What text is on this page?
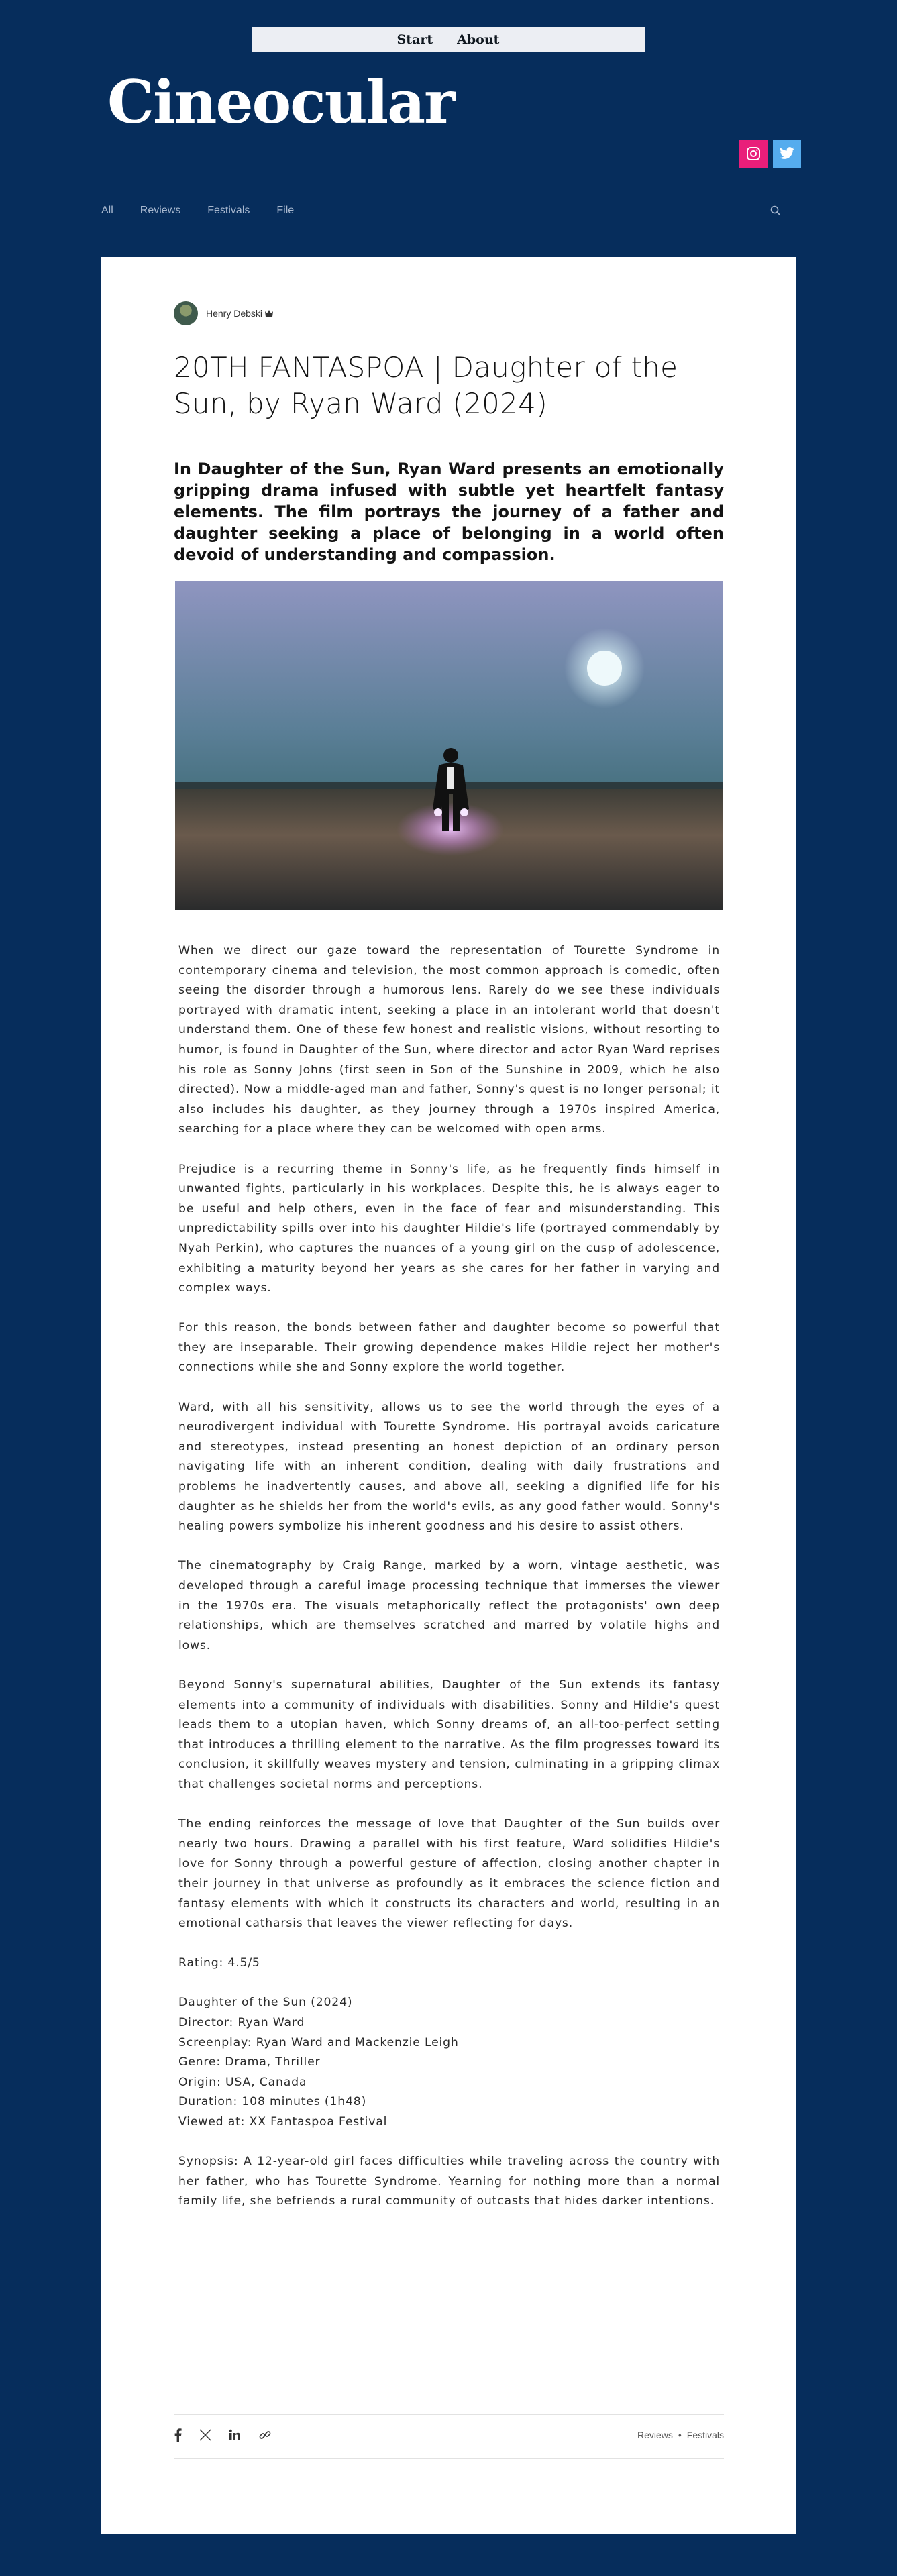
Start About
Cineocular
All	Reviews	Festivals	File
Henry Debski
20TH FANTASPOA | Daughter of the Sun, by Ryan Ward (2024)
In Daughter of the Sun, Ryan Ward presents an emotionally gripping drama infused with subtle yet heartfelt fantasy elements. The film portrays the journey of a father and daughter seeking a place of belonging in a world often devoid of understanding and compassion.

When we direct our gaze toward the representation of Tourette Syndrome in contemporary cinema and television, the most common approach is comedic, often seeing the disorder through a humorous lens. Rarely do we see these individuals portrayed with dramatic intent, seeking a place in an intolerant world that doesn't understand them. One of these few honest and realistic visions, without resorting to humor, is found in Daughter of the Sun, where director and actor Ryan Ward reprises his role as Sonny Johns (first seen in Son of the Sunshine in 2009, which he also directed). Now a middle-aged man and father, Sonny's quest is no longer personal; it also includes his daughter, as they journey through a 1970s inspired America, searching for a place where they can be welcomed with open arms.

Prejudice is a recurring theme in Sonny's life, as he frequently finds himself in unwanted fights, particularly in his workplaces. Despite this, he is always eager to be useful and help others, even in the face of fear and misunderstanding. This unpredictability spills over into his daughter Hildie's life (portrayed commendably by Nyah Perkin), who captures the nuances of a young girl on the cusp of adolescence, exhibiting a maturity beyond her years as she cares for her father in varying and complex ways.

For this reason, the bonds between father and daughter become so powerful that they are inseparable. Their growing dependence makes Hildie reject her mother's connections while she and Sonny explore the world together.

Ward, with all his sensitivity, allows us to see the world through the eyes of a neurodivergent individual with Tourette Syndrome. His portrayal avoids caricature and stereotypes, instead presenting an honest depiction of an ordinary person navigating life with an inherent condition, dealing with daily frustrations and problems he inadvertently causes, and above all, seeking a dignified life for his daughter as he shields her from the world's evils, as any good father would. Sonny's healing powers symbolize his inherent goodness and his desire to assist others.

The cinematography by Craig Range, marked by a worn, vintage aesthetic, was developed through a careful image processing technique that immerses the viewer in the 1970s era. The visuals metaphorically reflect the protagonists' own deep relationships, which are themselves scratched and marred by volatile highs and lows.

Beyond Sonny's supernatural abilities, Daughter of the Sun extends its fantasy elements into a community of individuals with disabilities. Sonny and Hildie's quest leads them to a utopian haven, which Sonny dreams of, an all-too-perfect setting that introduces a thrilling element to the narrative. As the film progresses toward its conclusion, it skillfully weaves mystery and tension, culminating in a gripping climax that challenges societal norms and perceptions.

The ending reinforces the message of love that Daughter of the Sun builds over nearly two hours. Drawing a parallel with his first feature, Ward solidifies Hildie's love for Sonny through a powerful gesture of affection, closing another chapter in their journey in that universe as profoundly as it embraces the science fiction and fantasy elements with which it constructs its characters and world, resulting in an emotional catharsis that leaves the viewer reflecting for days.

Rating: 4.5/5

Daughter of the Sun (2024)

Director: Ryan Ward

Screenplay: Ryan Ward and Mackenzie Leigh

Genre: Drama, Thriller

Origin: USA, Canada

Duration: 108 minutes (1h48)

Viewed at: XX Fantaspoa Festival

Synopsis: A 12-year-old girl faces difficulties while traveling across the country with her father, who has Tourette Syndrome. Yearning for nothing more than a normal family life, she befriends a rural community of outcasts that hides darker intentions.

Reviews • Festivals
